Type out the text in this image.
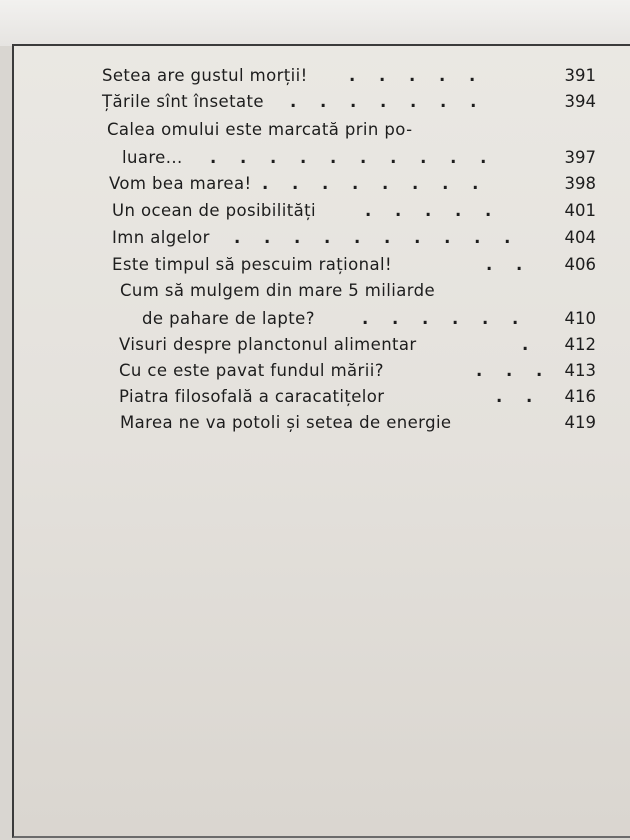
Setea are gustul morții!	. . . . .	391
Țările sînt însetate . . . . . . .	394
Calea omului este marcată prin po-
luare... . . . . . . . . . .	397
Vom bea marea! . . . . . . . .	398
Un ocean de posibilități	. . . . .	401
Imn algelor . . . . . . . . . .	404
Este timpul să pescuim rațional!	. .	406
Cum să mulgem din mare 5 miliarde
de pahare de lapte?	. . . . . .	410
Visuri despre planctonul alimentar	.	412
Cu ce este pavat fundul mării?	. . . 413
Piatra filosofală a caracatițelor	. .	416
Marea ne va potoli și setea de energie	419
